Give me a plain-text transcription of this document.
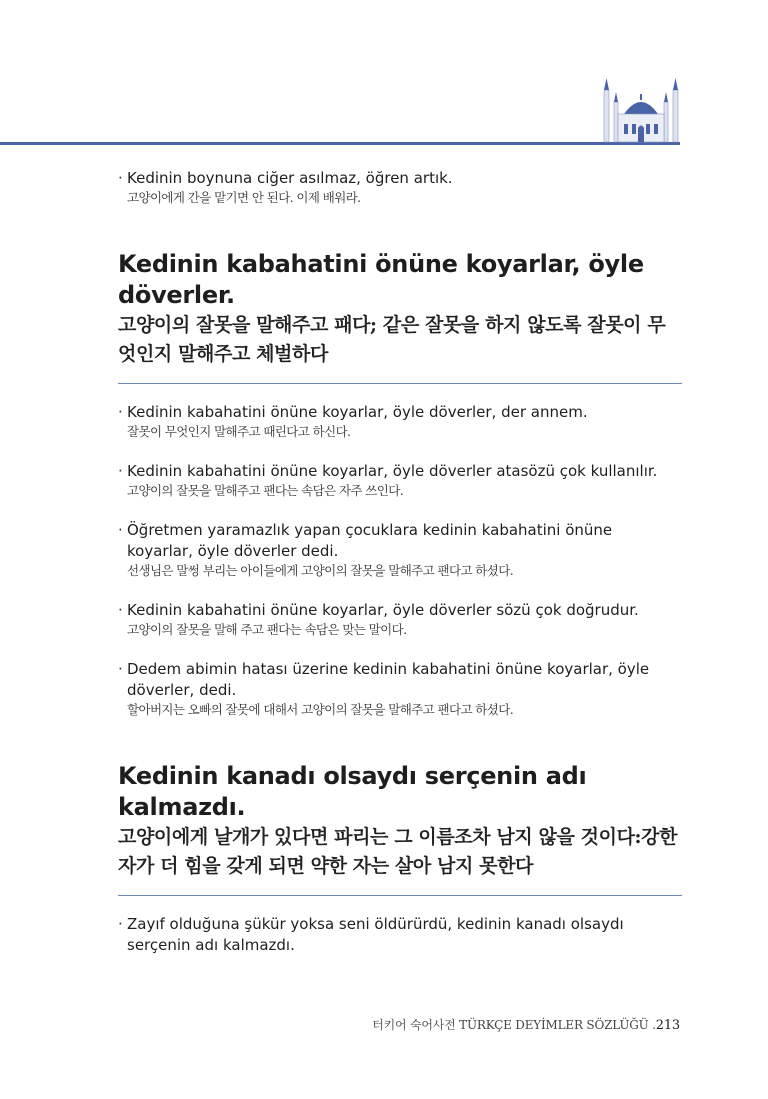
· Kedinin boynuna ciğer asılmaz, öğren artık.
고양이에게 간을 맡기면 안 된다. 이제 배워라.
Kedinin kabahatini önüne koyarlar, öyle döverler.
고양이의 잘못을 말해주고 패다; 같은 잘못을 하지 않도록 잘못이 무엇인지 말해주고 체벌하다
· Kedinin kabahatini önüne koyarlar, öyle döverler, der annem.
잘못이 무엇인지 말해주고 때린다고 하신다.
· Kedinin kabahatini önüne koyarlar, öyle döverler atasözü çok kullanılır.
고양이의 잘못을 말해주고 팬다는 속담은 자주 쓰인다.
· Öğretmen yaramazlık yapan çocuklara kedinin kabahatini önüne koyarlar, öyle döverler dedi.
선생님은 말썽 부리는 아이들에게 고양이의 잘못을 말해주고 팬다고 하셨다.
· Kedinin kabahatini önüne koyarlar, öyle döverler sözü çok doğrudur.
고양이의 잘못을 말해 주고 팬다는 속담은 맞는 말이다.
· Dedem abimin hatası üzerine kedinin kabahatini önüne koyarlar, öyle döverler, dedi.
할아버지는 오빠의 잘못에 대해서 고양이의 잘못을 말해주고 팬다고 하셨다.
Kedinin kanadı olsaydı serçenin adı kalmazdı.
고양이에게 날개가 있다면 파리는 그 이름조차 남지 않을 것이다:강한 자가 더 힘을 갖게 되면 약한 자는 살아 남지 못한다
· Zayıf olduğuna şükür yoksa seni öldürürdü, kedinin kanadı olsaydı serçenin adı kalmazdı.
터키어 숙어사전 TÜRKÇE DEYİMLER SÖZLÜĞÜ .213
